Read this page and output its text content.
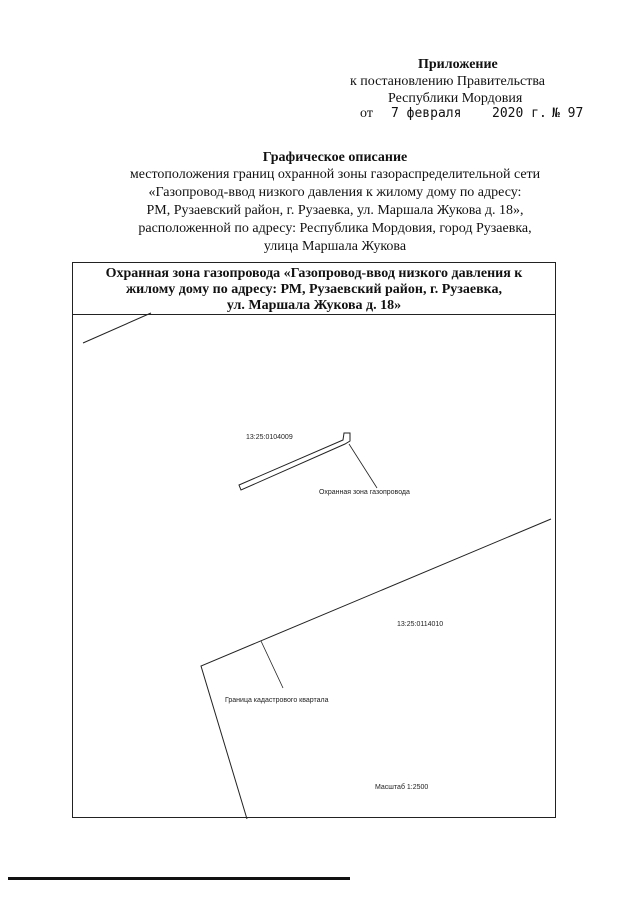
Приложение
к постановлению Правительства
Республики Мордовия
от 7 февраля 2020 г. № 97
Графическое описание
местоположения границ охранной зоны газораспределительной сети
«Газопровод-ввод низкого давления к жилому дому по адресу:
РМ, Рузаевский район, г. Рузаевка, ул. Маршала Жукова д. 18»,
расположенной по адресу: Республика Мордовия, город Рузаевка,
улица Маршала Жукова
Охранная зона газопровода «Газопровод-ввод низкого давления к
жилому дому по адресу: РМ, Рузаевский район, г. Рузаевка,
ул. Маршала Жукова д. 18»
13:25:0104009
Охранная зона газопровода
13:25:0114010
Граница кадастрового квартала
Масштаб 1:2500
